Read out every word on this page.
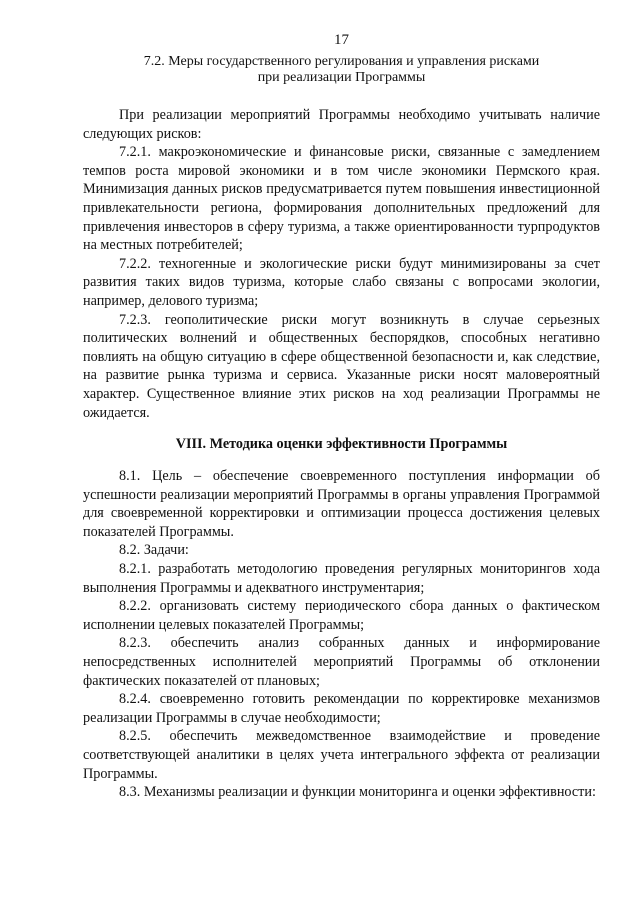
17
7.2. Меры государственного регулирования и управления рисками
при реализации Программы

При реализации мероприятий Программы необходимо учитывать наличие следующих рисков:

7.2.1. макроэкономические и финансовые риски, связанные с замедлением темпов роста мировой экономики и в том числе экономики Пермского края. Минимизация данных рисков предусматривается путем повышения инвестиционной привлекательности региона, формирования дополнительных предложений для привлечения инвесторов в сферу туризма, а также ориентированности турпродуктов на местных потребителей;

7.2.2. техногенные и экологические риски будут минимизированы за счет развития таких видов туризма, которые слабо связаны с вопросами экологии, например, делового туризма;

7.2.3. геополитические риски могут возникнуть в случае серьезных политических волнений и общественных беспорядков, способных негативно повлиять на общую ситуацию в сфере общественной безопасности и, как следствие, на развитие рынка туризма и сервиса. Указанные риски носят маловероятный характер. Существенное влияние этих рисков на ход реализации Программы не ожидается.

VIII. Методика оценки эффективности Программы

8.1. Цель – обеспечение своевременного поступления информации об успешности реализации мероприятий Программы в органы управления Программой для своевременной корректировки и оптимизации процесса достижения целевых показателей Программы.

8.2. Задачи:

8.2.1. разработать методологию проведения регулярных мониторингов хода выполнения Программы и адекватного инструментария;

8.2.2. организовать систему периодического сбора данных о фактическом исполнении целевых показателей Программы;

8.2.3. обеспечить анализ собранных данных и информирование непосредственных исполнителей мероприятий Программы об отклонении фактических показателей от плановых;

8.2.4. своевременно готовить рекомендации по корректировке механизмов реализации Программы в случае необходимости;

8.2.5. обеспечить межведомственное взаимодействие и проведение соответствующей аналитики в целях учета интегрального эффекта от реализации Программы.

8.3. Механизмы реализации и функции мониторинга и оценки эффективности:
